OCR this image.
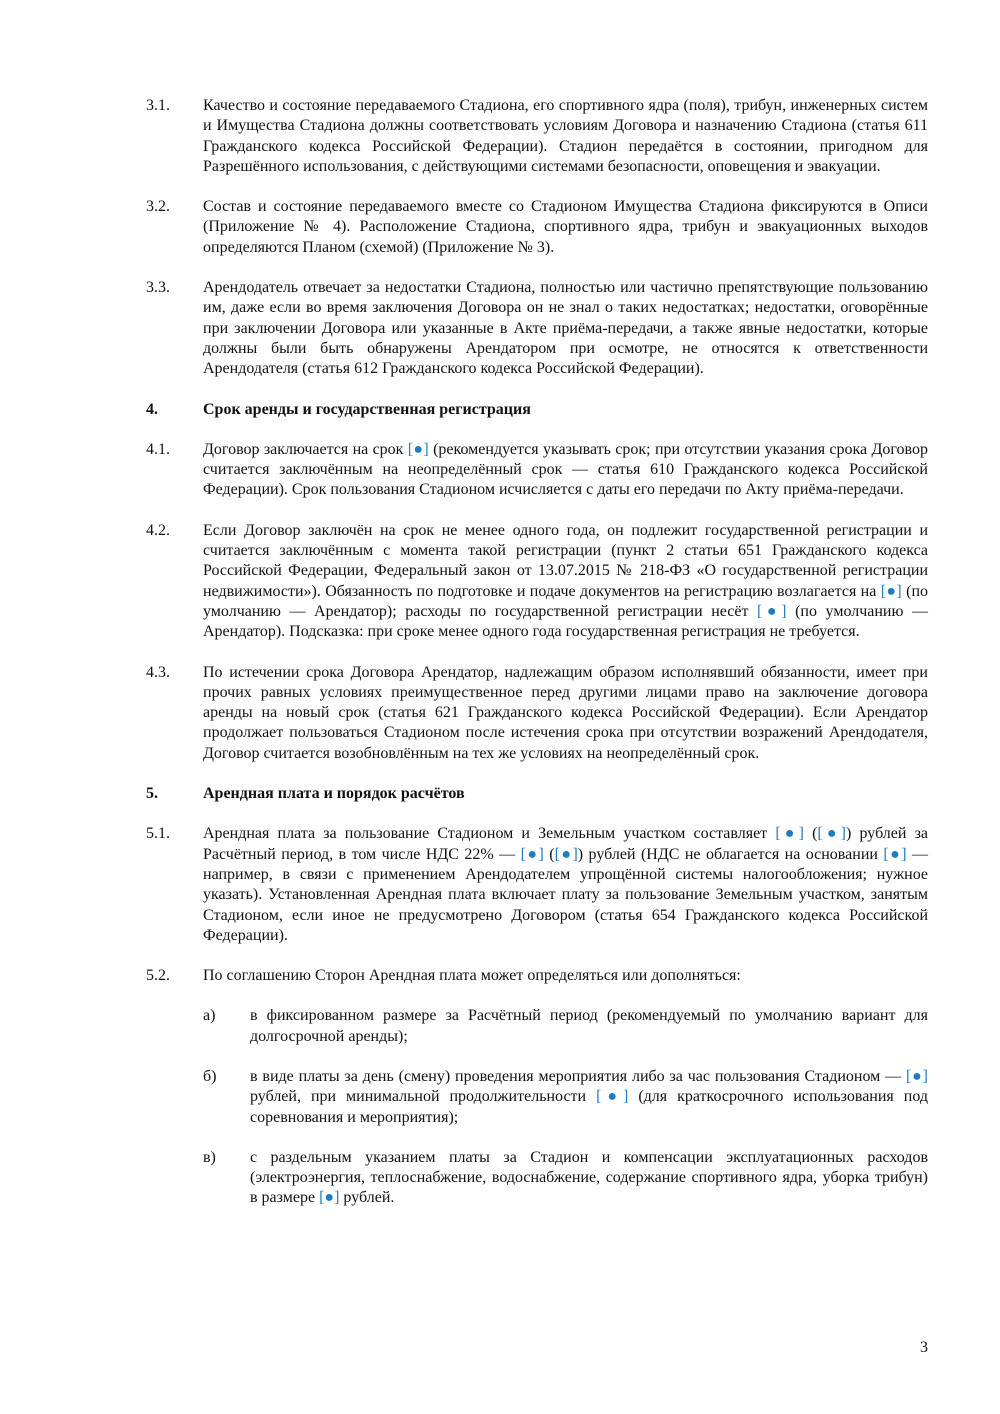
3.1.	Качество и состояние передаваемого Стадиона, его спортивного ядра (поля), трибун, инженерных систем и Имущества Стадиона должны соответствовать условиям Договора и назначению Стадиона (статья 611 Гражданского кодекса Российской Федерации). Стадион передаётся в состоянии, пригодном для Разрешённого использования, с действующими системами безопасности, оповещения и эвакуации.
3.2.	Состав и состояние передаваемого вместе со Стадионом Имущества Стадиона фиксируются в Описи (Приложение № 4). Расположение Стадиона, спортивного ядра, трибун и эвакуационных выходов определяются Планом (схемой) (Приложение № 3).
3.3.	Арендодатель отвечает за недостатки Стадиона, полностью или частично препятствующие пользованию им, даже если во время заключения Договора он не знал о таких недостатках; недостатки, оговорённые при заключении Договора или указанные в Акте приёма-передачи, а также явные недостатки, которые должны были быть обнаружены Арендатором при осмотре, не относятся к ответственности Арендодателя (статья 612 Гражданского кодекса Российской Федерации).
4.	Срок аренды и государственная регистрация
4.1.	Договор заключается на срок [●] (рекомендуется указывать срок; при отсутствии указания срока Договор считается заключённым на неопределённый срок — статья 610 Гражданского кодекса Российской Федерации). Срок пользования Стадионом исчисляется с даты его передачи по Акту приёма-передачи.
4.2.	Если Договор заключён на срок не менее одного года, он подлежит государственной регистрации и считается заключённым с момента такой регистрации (пункт 2 статьи 651 Гражданского кодекса Российской Федерации, Федеральный закон от 13.07.2015 № 218-ФЗ «О государственной регистрации недвижимости»). Обязанность по подготовке и подаче документов на регистрацию возлагается на [●] (по умолчанию — Арендатор); расходы по государственной регистрации несёт [●] (по умолчанию — Арендатор). Подсказка: при сроке менее одного года государственная регистрация не требуется.
4.3.	По истечении срока Договора Арендатор, надлежащим образом исполнявший обязанности, имеет при прочих равных условиях преимущественное перед другими лицами право на заключение договора аренды на новый срок (статья 621 Гражданского кодекса Российской Федерации). Если Арендатор продолжает пользоваться Стадионом после истечения срока при отсутствии возражений Арендодателя, Договор считается возобновлённым на тех же условиях на неопределённый срок.
5.	Арендная плата и порядок расчётов
5.1.	Арендная плата за пользование Стадионом и Земельным участком составляет [●] ([●]) рублей за Расчётный период, в том числе НДС 22% — [●] ([●]) рублей (НДС не облагается на основании [●] — например, в связи с применением Арендодателем упрощённой системы налогообложения; нужное указать). Установленная Арендная плата включает плату за пользование Земельным участком, занятым Стадионом, если иное не предусмотрено Договором (статья 654 Гражданского кодекса Российской Федерации).
5.2.	По соглашению Сторон Арендная плата может определяться или дополняться:
а)	в фиксированном размере за Расчётный период (рекомендуемый по умолчанию вариант для долгосрочной аренды);
б)	в виде платы за день (смену) проведения мероприятия либо за час пользования Стадионом — [●] рублей, при минимальной продолжительности [●] (для краткосрочного использования под соревнования и мероприятия);
в)	с раздельным указанием платы за Стадион и компенсации эксплуатационных расходов (электроэнергия, теплоснабжение, водоснабжение, содержание спортивного ядра, уборка трибун) в размере [●] рублей.
3
